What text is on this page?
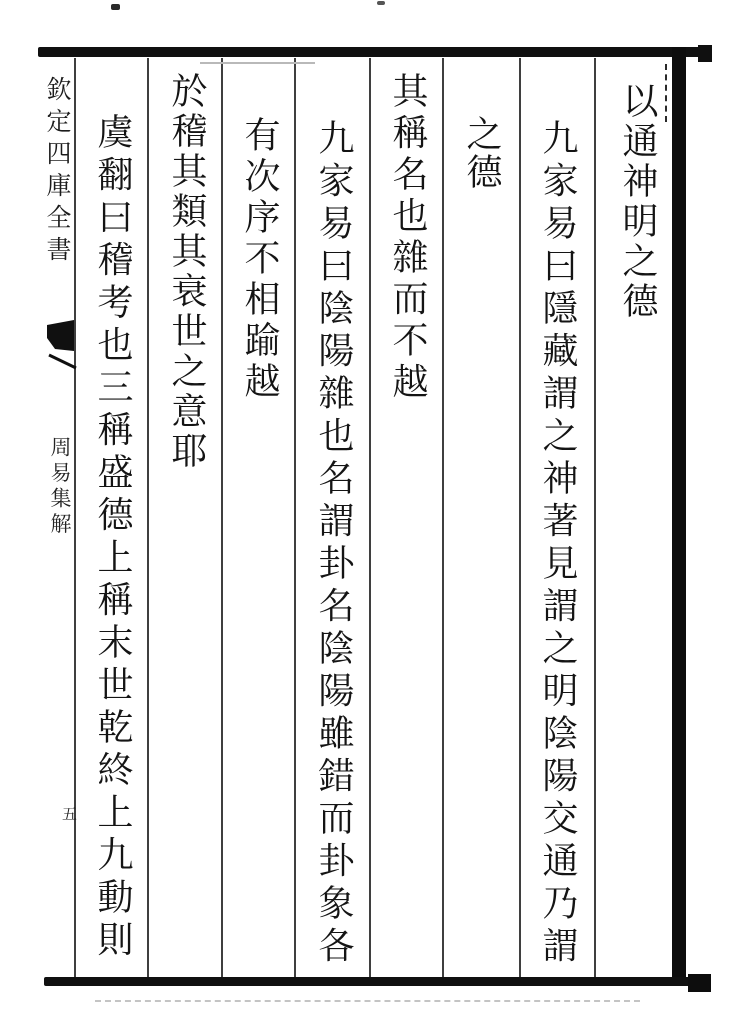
以通神明之德
九家易曰隱藏謂之神著見謂之明陰陽交通乃謂
之德
其稱名也雜而不越
九家易曰陰陽雜也名謂卦名陰陽雖錯而卦象各
有次序不相踰越
於稽其類其衰世之意耶
虞翻曰稽考也三稱盛德上稱末世乾終上九動則
欽定四庫全書
周易集解
五
